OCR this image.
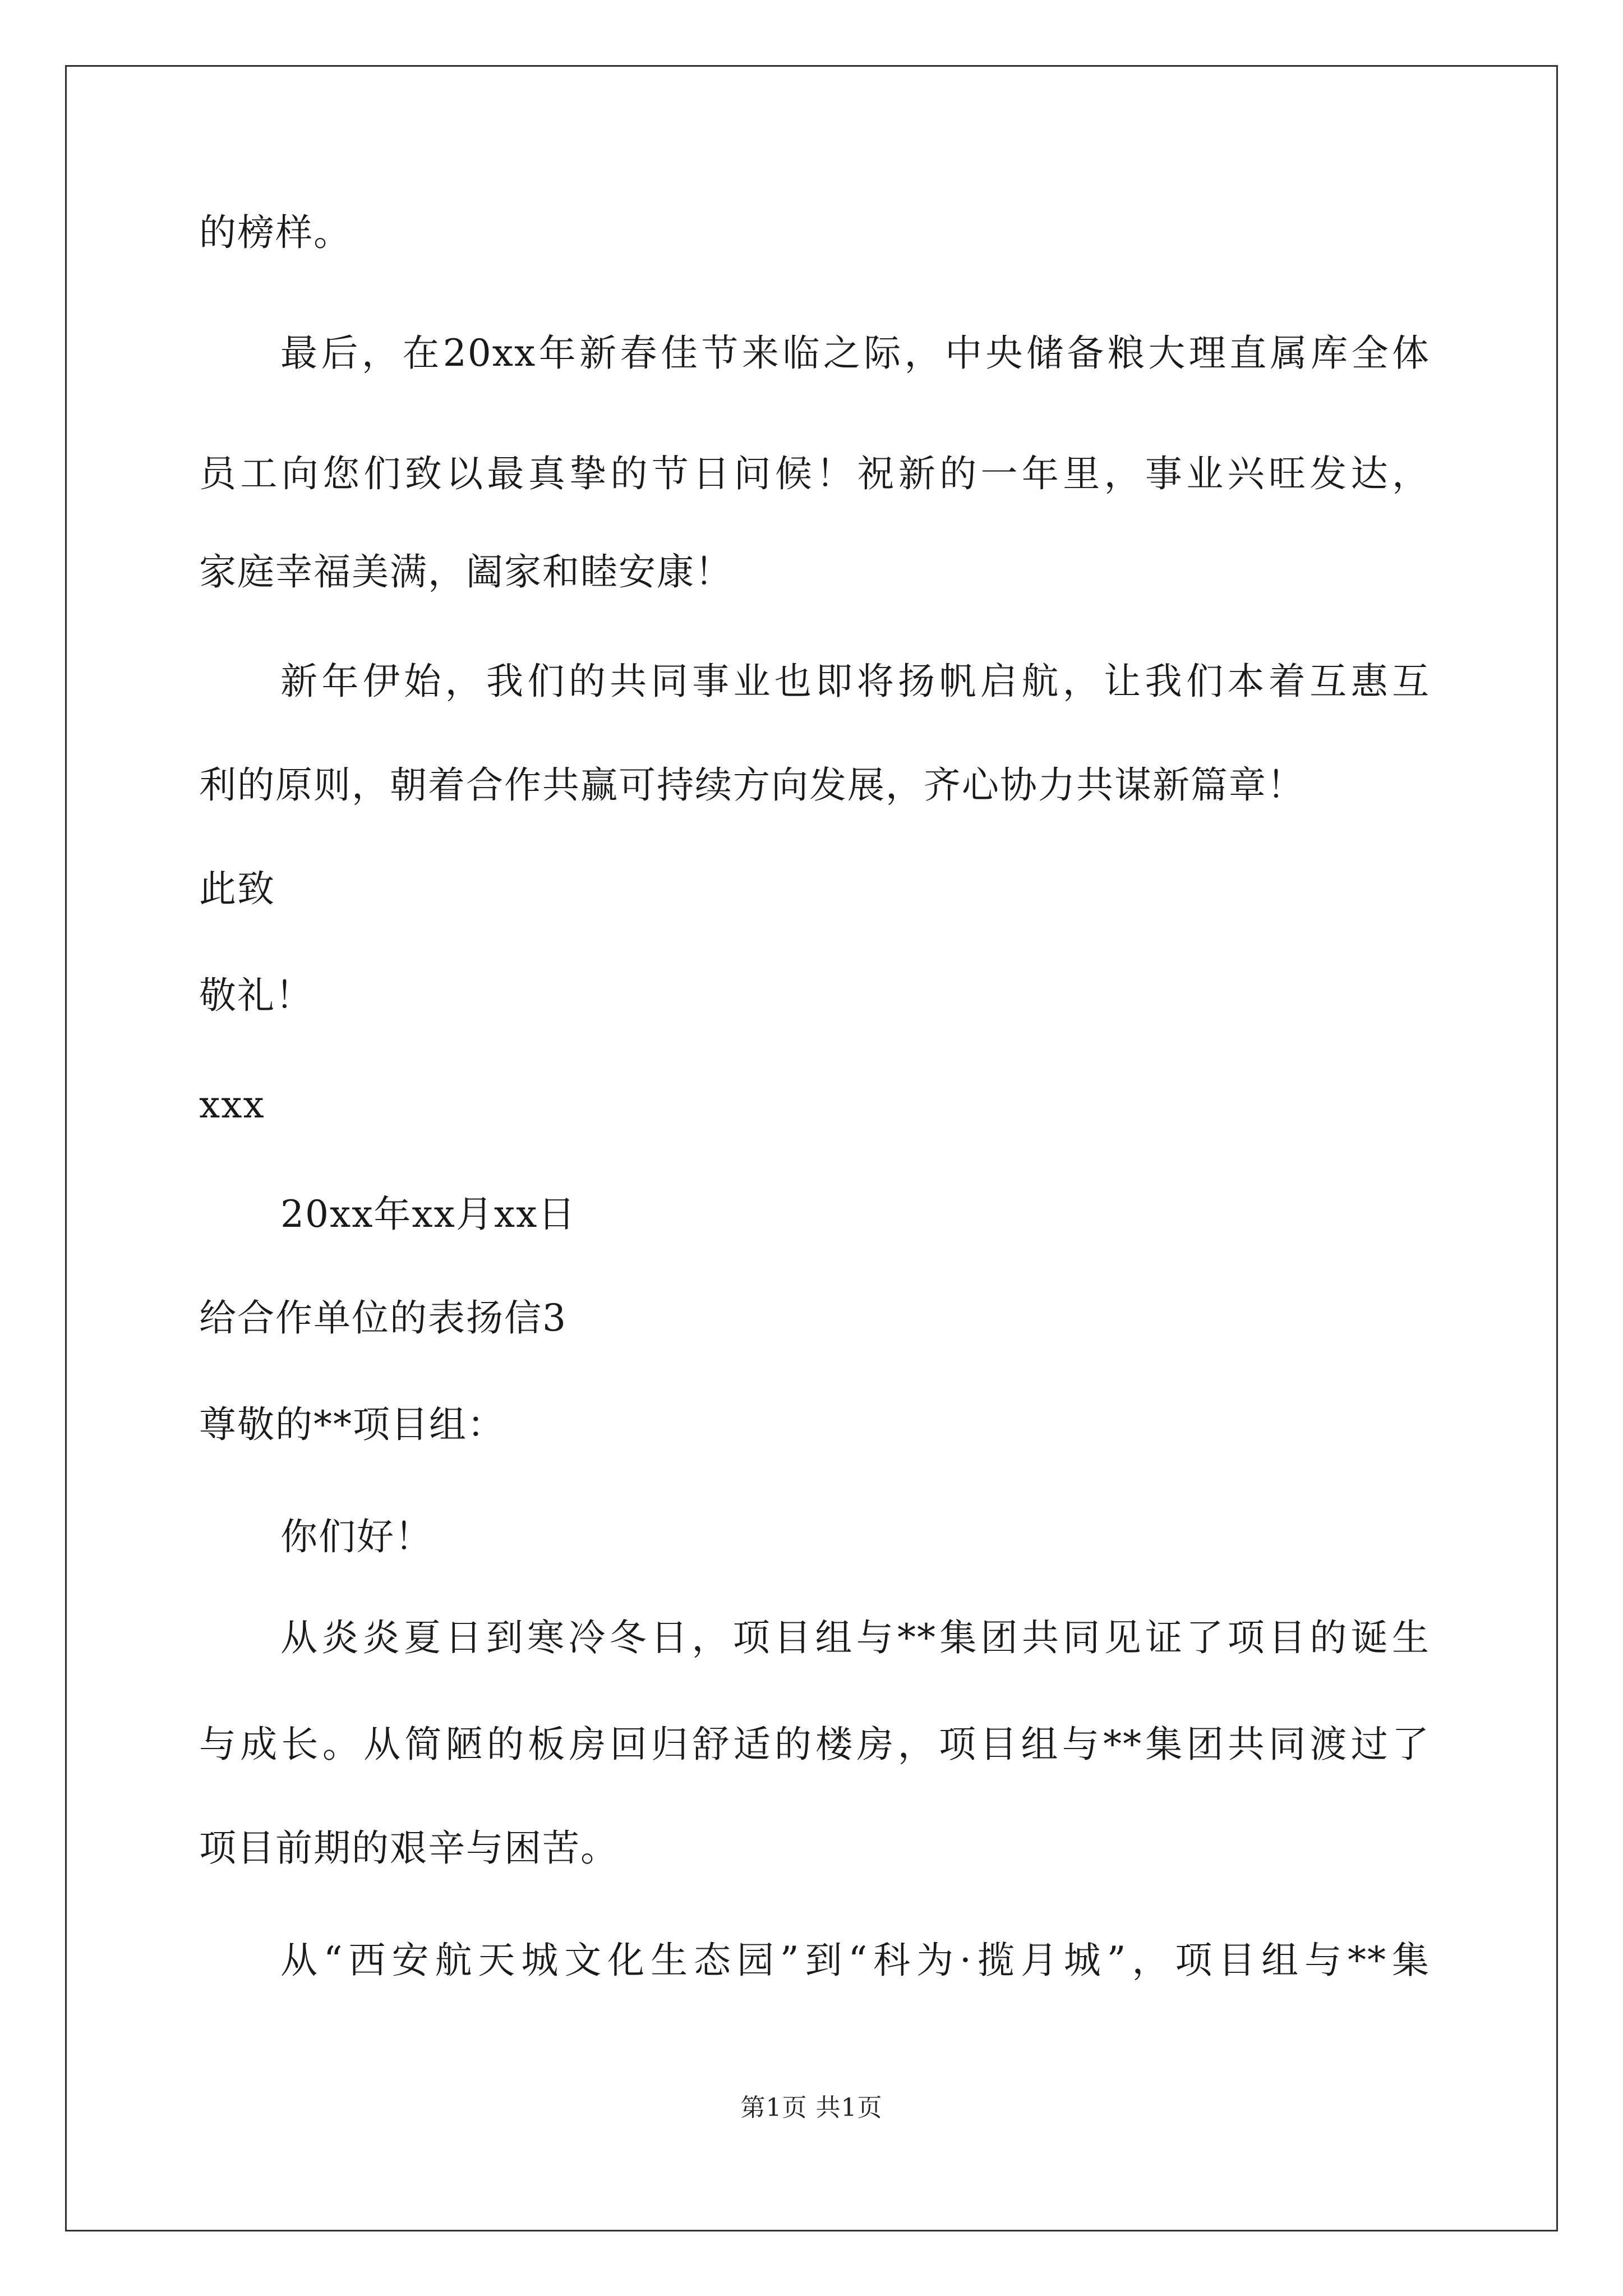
的榜样。
最后，在20xx年新春佳节来临之际，中央储备粮大理直属库全体
员工向您们致以最真挚的节日问候！祝新的一年里，事业兴旺发达，
家庭幸福美满，阖家和睦安康！
新年伊始，我们的共同事业也即将扬帆启航，让我们本着互惠互
利的原则，朝着合作共赢可持续方向发展，齐心协力共谋新篇章！
此致
敬礼！
xxx
20xx年xx月xx日
给合作单位的表扬信3
尊敬的**项目组：
你们好！
从炎炎夏日到寒冷冬日，项目组与**集团共同见证了项目的诞生
与成长。从简陋的板房回归舒适的楼房，项目组与**集团共同渡过了
项目前期的艰辛与困苦。
从“西安航天城文化生态园”到“科为·揽月城”，项目组与**集
第1页 共1页
